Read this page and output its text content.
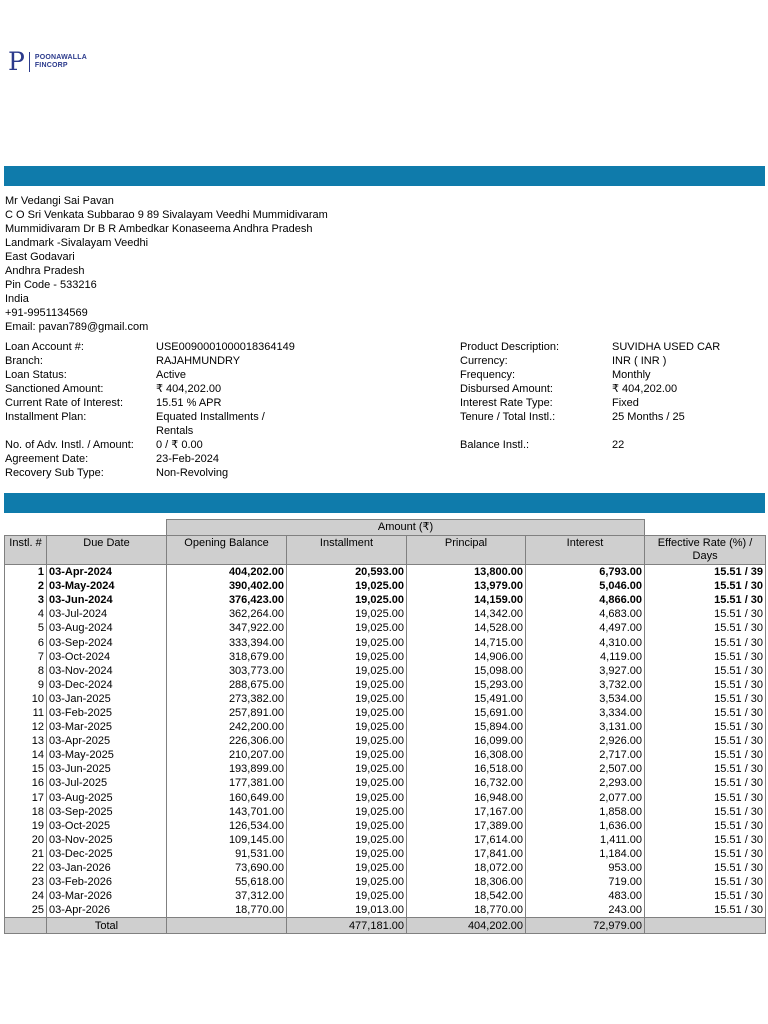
P POONAWALLA
FINCORP
Mr Vedangi Sai Pavan
C O Sri Venkata Subbarao 9 89 Sivalayam Veedhi Mummidivaram
Mummidivaram Dr B R Ambedkar Konaseema Andhra Pradesh
Landmark -Sivalayam Veedhi
East Godavari
Andhra Pradesh
Pin Code - 533216
India
+91-9951134569
Email: pavan789@gmail.com
Loan Account #:	USE0090001000018364149	Product Description:	SUVIDHA USED CAR
Branch:	RAJAHMUNDRY	Currency:	INR ( INR )
Loan Status:	Active	Frequency:	Monthly
Sanctioned Amount:	₹ 404,202.00	Disbursed Amount:	₹ 404,202.00
Current Rate of Interest:	15.51 % APR	Interest Rate Type:	Fixed
Installment Plan:	Equated Installments / Rentals
Tenure / Total Instl.:	25 Months / 25
No. of Adv. Instl. / Amount: 0 / ₹ 0.00	Balance Instl.:	22
Agreement Date:	23-Feb-2024
Recovery Sub Type:	Non-Revolving
		Amount (₹)				
Instl. #	Due Date	Opening Balance	Installment	Principal	Interest	Effective Rate (%) / Days
1	03-Apr-2024	404,202.00	20,593.00	13,800.00	6,793.00	15.51 / 39
2	03-May-2024	390,402.00	19,025.00	13,979.00	5,046.00	15.51 / 30
3	03-Jun-2024	376,423.00	19,025.00	14,159.00	4,866.00	15.51 / 30
4	03-Jul-2024	362,264.00	19,025.00	14,342.00	4,683.00	15.51 / 30
5	03-Aug-2024	347,922.00	19,025.00	14,528.00	4,497.00	15.51 / 30
6	03-Sep-2024	333,394.00	19,025.00	14,715.00	4,310.00	15.51 / 30
7	03-Oct-2024	318,679.00	19,025.00	14,906.00	4,119.00	15.51 / 30
8	03-Nov-2024	303,773.00	19,025.00	15,098.00	3,927.00	15.51 / 30
9	03-Dec-2024	288,675.00	19,025.00	15,293.00	3,732.00	15.51 / 30
10	03-Jan-2025	273,382.00	19,025.00	15,491.00	3,534.00	15.51 / 30
11	03-Feb-2025	257,891.00	19,025.00	15,691.00	3,334.00	15.51 / 30
12	03-Mar-2025	242,200.00	19,025.00	15,894.00	3,131.00	15.51 / 30
13	03-Apr-2025	226,306.00	19,025.00	16,099.00	2,926.00	15.51 / 30
14	03-May-2025	210,207.00	19,025.00	16,308.00	2,717.00	15.51 / 30
15	03-Jun-2025	193,899.00	19,025.00	16,518.00	2,507.00	15.51 / 30
16	03-Jul-2025	177,381.00	19,025.00	16,732.00	2,293.00	15.51 / 30
17	03-Aug-2025	160,649.00	19,025.00	16,948.00	2,077.00	15.51 / 30
18	03-Sep-2025	143,701.00	19,025.00	17,167.00	1,858.00	15.51 / 30
19	03-Oct-2025	126,534.00	19,025.00	17,389.00	1,636.00	15.51 / 30
20	03-Nov-2025	109,145.00	19,025.00	17,614.00	1,411.00	15.51 / 30
21	03-Dec-2025	91,531.00	19,025.00	17,841.00	1,184.00	15.51 / 30
22	03-Jan-2026	73,690.00	19,025.00	18,072.00	953.00	15.51 / 30
23	03-Feb-2026	55,618.00	19,025.00	18,306.00	719.00	15.51 / 30
24	03-Mar-2026	37,312.00	19,025.00	18,542.00	483.00	15.51 / 30
25	03-Apr-2026	18,770.00	19,013.00	18,770.00	243.00	15.51 / 30
	Total		477,181.00	404,202.00	72,979.00	
